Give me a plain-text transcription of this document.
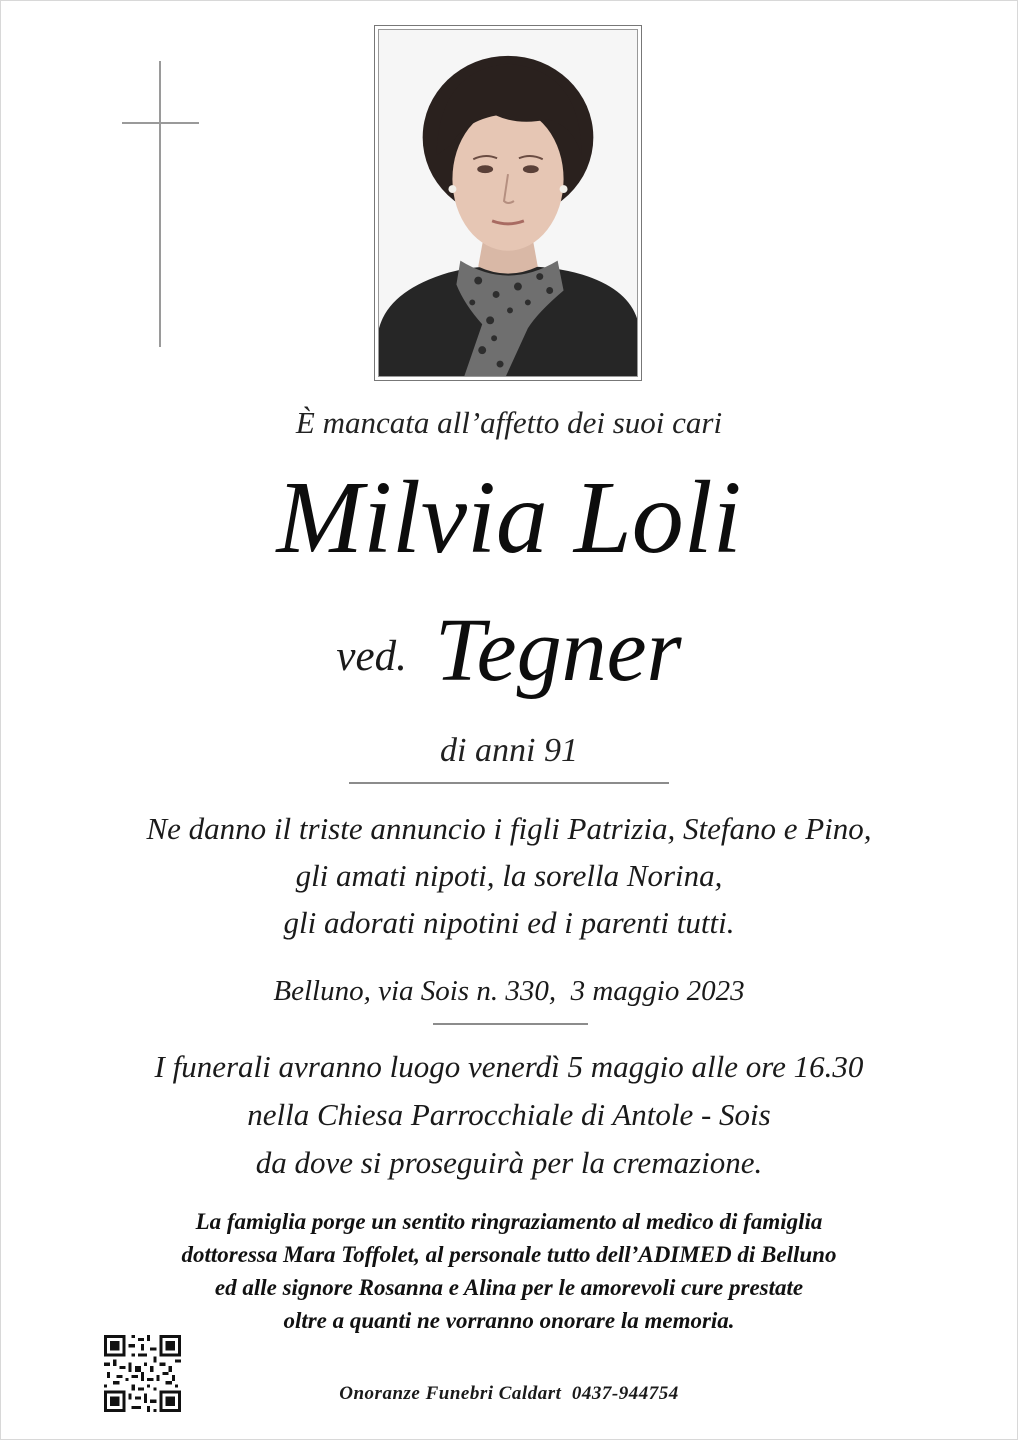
È mancata all’affetto dei suoi cari
Milvia Loli
ved. Tegner
di anni 91
Ne danno il triste annuncio i figli Patrizia, Stefano e Pino,
gli amati nipoti, la sorella Norina,
gli adorati nipotini ed i parenti tutti.
Belluno, via Sois n. 330,  3 maggio 2023
I funerali avranno luogo venerdì 5 maggio alle ore 16.30
nella Chiesa Parrocchiale di Antole - Sois
da dove si proseguirà per la cremazione.
La famiglia porge un sentito ringraziamento al medico di famiglia
dottoressa Mara Toffolet, al personale tutto dell’ADIMED di Belluno
ed alle signore Rosanna e Alina per le amorevoli cure prestate
oltre a quanti ne vorranno onorare la memoria.
Onoranze Funebri Caldart  0437-944754
